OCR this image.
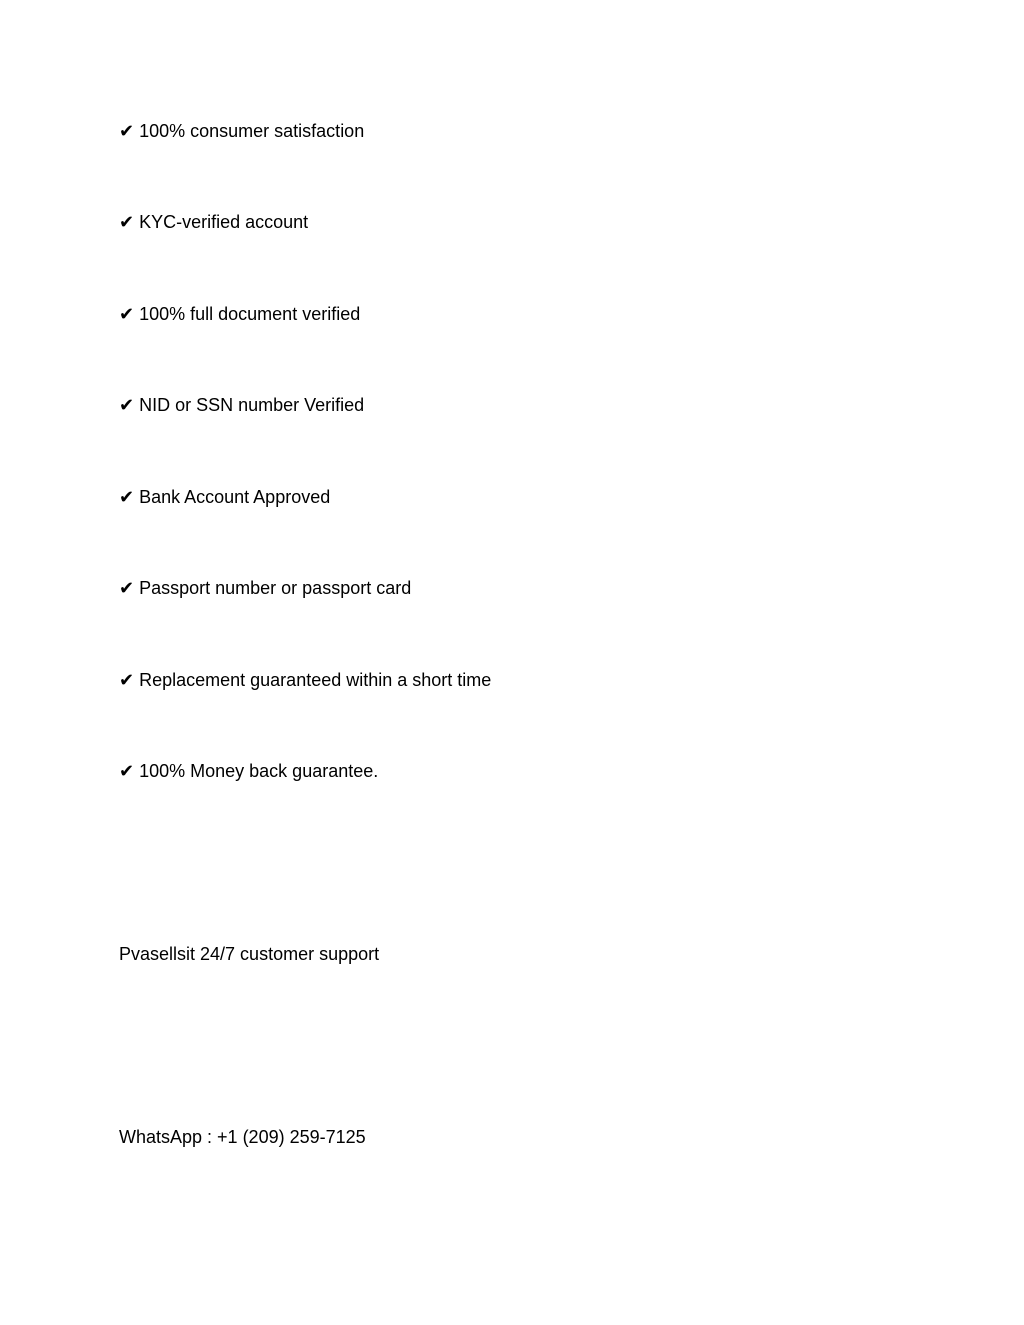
✔ 100% consumer satisfaction
✔ KYC-verified account
✔ 100% full document verified
✔ NID or SSN number Verified
✔ Bank Account Approved
✔ Passport number or passport card
✔ Replacement guaranteed within a short time
✔ 100% Money back guarantee.
Pvasellsit 24/7 customer support
WhatsApp : +1 (209) 259-7125
